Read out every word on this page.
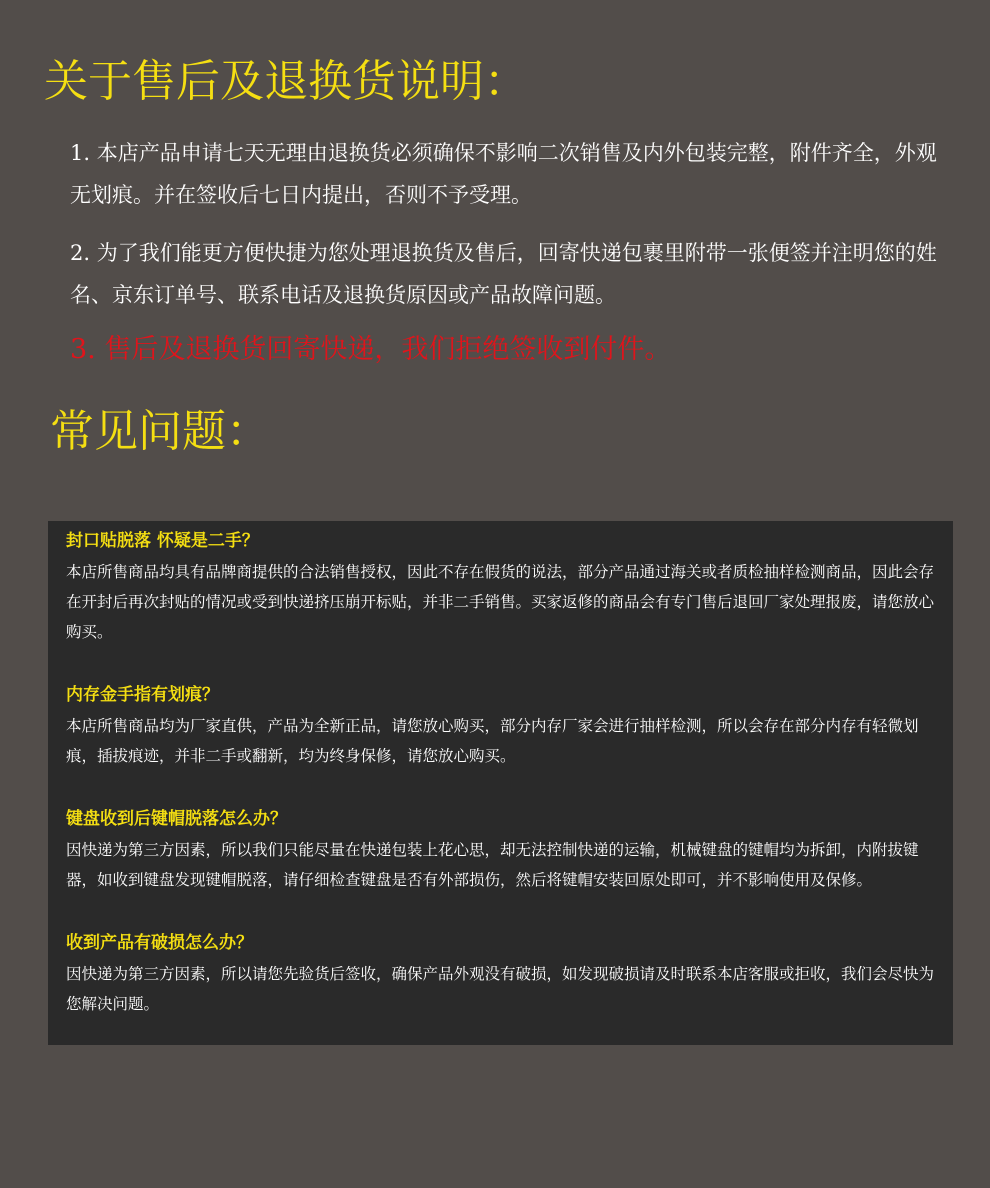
关于售后及退换货说明：

1. 本店产品申请七天无理由退换货必须确保不影响二次销售及内外包装完整，附件齐全，外观无划痕。并在签收后七日内提出，否则不予受理。

2. 为了我们能更方便快捷为您处理退换货及售后，回寄快递包裹里附带一张便签并注明您的姓名、京东订单号、联系电话及退换货原因或产品故障问题。

3. 售后及退换货回寄快递，我们拒绝签收到付件。

常见问题：

封口贴脱落 怀疑是二手？

本店所售商品均具有品牌商提供的合法销售授权，因此不存在假货的说法，部分产品通过海关或者质检抽样检测商品，因此会存在开封后再次封贴的情况或受到快递挤压崩开标贴，并非二手销售。买家返修的商品会有专门售后退回厂家处理报废，请您放心购买。

内存金手指有划痕？

本店所售商品均为厂家直供，产品为全新正品，请您放心购买，部分内存厂家会进行抽样检测，所以会存在部分内存有轻微划痕，插拔痕迹，并非二手或翻新，均为终身保修，请您放心购买。

键盘收到后键帽脱落怎么办？

因快递为第三方因素，所以我们只能尽量在快递包装上花心思，却无法控制快递的运输，机械键盘的键帽均为拆卸，内附拔键器，如收到键盘发现键帽脱落，请仔细检查键盘是否有外部损伤，然后将键帽安装回原处即可，并不影响使用及保修。

收到产品有破损怎么办？

因快递为第三方因素，所以请您先验货后签收，确保产品外观没有破损，如发现破损请及时联系本店客服或拒收，我们会尽快为您解决问题。
